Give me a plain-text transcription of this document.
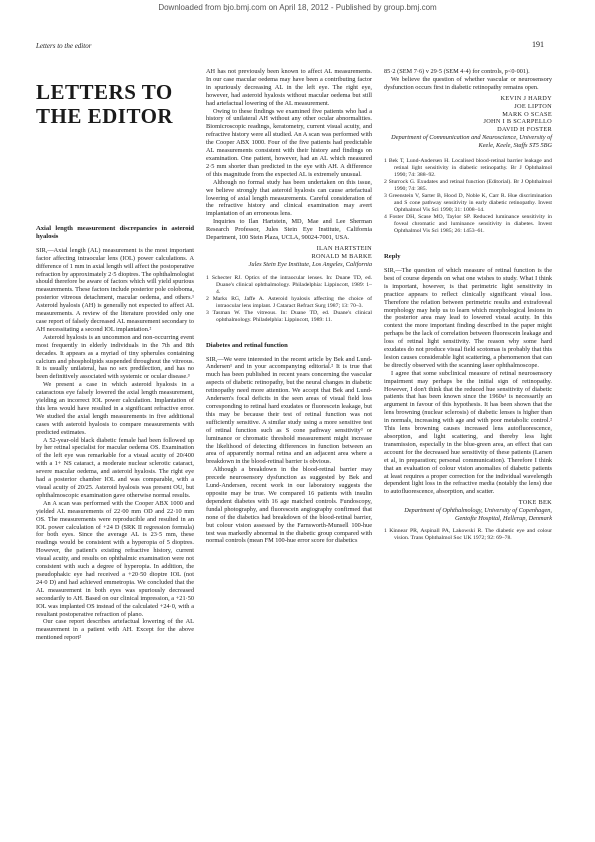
Downloaded from bjo.bmj.com on April 18, 2012 - Published by group.bmj.com
Letters to the editor	191
LETTERS TO THE EDITOR

Axial length measurement discrepancies in asteroid hyalosis

SIR,—Axial length (AL) measurement is the most important factor affecting intraocular lens (IOL) power calculations. A difference of 1 mm in axial length will affect the postoperative refraction by approximately 2·5 dioptres. The ophthalmologist should therefore be aware of factors which will yield spurious measurements. These factors include posterior pole coloboma, posterior vitreous detachment, macular oedema, and others.¹ Asteroid hyalosis (AH) is generally not expected to affect AL measurements. A review of the literature provided only one case report of falsely decreased AL measurement secondary to AH necessitating a second IOL implantation.²

Asteroid hyalosis is an uncommon and non-occurring event most frequently in elderly individuals in the 7th and 8th decades. It appears as a myriad of tiny spherules containing calcium and phospholipids suspended throughout the vitreous. It is usually unilateral, has no sex predilection, and has no been definitively associated with systemic or ocular disease.³

We present a case in which asteroid hyalosis in a cataractous eye falsely lowered the axial length measurement, yielding an incorrect IOL power calculation. Implantation of this lens would have resulted in a significant refractive error. We studied the axial length measurements in five additional cases with asteroid hyalosis to compare measurements with predicted estimates.

A 52-year-old black diabetic female had been followed up by her retinal specialist for macular oedema OS. Examination of the left eye was remarkable for a visual acuity of 20/400 with a 1+ NS cataract, a moderate nuclear sclerotic cataract, severe macular oedema, and asteroid hyalosis. The right eye had a posterior chamber IOL and was comparable, with a visual acuity of 20/25. Asteroid hyalosis was present OU, but ophthalmoscopic examination gave otherwise normal results.

An A scan was performed with the Cooper ABX 1000 and yielded AL measurements of 22·00 mm OD and 22·10 mm OS. The measurements were reproducible and resulted in an IOL power calculation of +24 D (SRK II regression formula) for both eyes. Since the average AL is 23·5 mm, these readings would be consistent with a hyperopia of 5 dioptres. However, the patient's existing refractive history, current visual acuity, and results on ophthalmic examination were not consistent with such a degree of hyperopia. In addition, the pseudophakic eye had received a +20·50 dioptre IOL (not 24·0 D) and had achieved emmetropia. We concluded that the AL measurement in both eyes was spuriously decreased secondarily to AH. Based on our clinical impression, a +21·50 IOL was implanted OS instead of the calculated +24·0, with a resultant postoperative refraction of plano.

Our case report describes artefactual lowering of the AL measurement in a patient with AH. Except for the above mentioned report²

AH has not previously been known to affect AL measurements. In our case macular oedema may have been a contributing factor in spuriously decreasing AL in the left eye. The right eye, however, had asteroid hyalosis without macular oedema but still had artefactual lowering of the AL measurement.

Owing to these findings we examined five patients who had a history of unilateral AH without any other ocular abnormalities. Biomicroscopic readings, keratometry, current visual acuity, and refractive history were all studied. An A scan was performed with the Cooper ABX 1000. Four of the five patients had predictable AL measurements consistent with their history and findings on examination. One patient, however, had an AL which measured 2·5 mm shorter than predicted in the eye with AH. A difference of this magnitude from the expected AL is extremely unusual.

Although no formal study has been undertaken on this issue, we believe strongly that asteroid hyalosis can cause artefactual lowering of axial length measurements. Careful consideration of the refractive history and clinical examination may avert implantation of an erroneous lens.

Inquiries to Ilan Hartstein, MD, Mae and Lee Sherman Research Professor, Jules Stein Eye Institute, California Department, 100 Stein Plaza, UCLA, 90024-7001, USA.

ILAN HARTSTEIN
RONALD M BARKE
Jules Stein Eye Institute, Los Angeles, California

1 Schecter RJ. Optics of the intraocular lenses. In: Duane TD, ed. Duane's clinical ophthalmology. Philadelphia: Lippincott, 1989: 1–4.

2 Marks RG, Jaffe A. Asteroid hyalosis affecting the choice of intraocular lens implant. J Cataract Refract Surg 1987; 13: 70–3.

3 Tasman W. The vitreous. In: Duane TD, ed. Duane's clinical ophthalmology. Philadelphia: Lippincott, 1989: 11.

Diabetes and retinal function

SIR,—We were interested in the recent article by Bek and Lund-Andersen¹ and in your accompanying editorial.² It is true that much has been published in recent years concerning the vascular aspects of diabetic retinopathy, but the neural changes in diabetic retinopathy need more attention. We accept that Bek and Lund-Andersen's focal deficits in the seen areas of visual field loss corresponding to retinal hard exudates or fluorescein leakage, but this may be because their test of retinal function was not sufficiently sensitive. A similar study using a more sensitive test of retinal function such as S cone pathway sensitivity³ or luminance or chromatic threshold measurement might increase the likelihood of detecting differences in function between an area of apparently normal retina and an adjacent area where a breakdown in the blood-retinal barrier is obvious.

Although a breakdown in the blood-retinal barrier may precede neurosensory dysfunction as suggested by Bek and Lund-Andersen, recent work in our laboratory suggests the opposite may be true. We compared 16 patients with insulin dependent diabetes with 16 age matched controls. Fundoscopy, fundal photography, and fluorescein angiography confirmed that none of the diabetics had breakdown of the blood-retinal barrier, but colour vision assessed by the Farnsworth-Munsell 100-hue test was markedly abnormal in the diabetic group compared with normal controls (mean FM 100-hue error score for diabetics

85·2 (SEM 7·6) v 29·5 (SEM 4·4) for controls, p<0·001).

We believe the question of whether vascular or neurosensory dysfunction occurs first in diabetic retinopathy remains open.

KEVIN J HARDY
JOE LIPTON
MARK O SCASE
JOHN I B SCARPELLO
DAVID H FOSTER
Department of Communication and Neuroscience, University of Keele, Keele, Staffs ST5 5BG

1 Bek T, Lund-Andersen H. Localised blood-retinal barrier leakage and retinal light sensitivity in diabetic retinopathy. Br J Ophthalmol 1990; 74: 388–92.

2 Sturrock G. Exudates and retinal function (Editorial). Br J Ophthalmol 1990; 74: 385.

3 Greenstein V, Sarter B, Hood D, Noble K, Carr R. Hue discrimination and S cone pathway sensitivity in early diabetic retinopathy. Invest Ophthalmol Vis Sci 1990; 31: 1008–14.

4 Foster DH, Scase MO, Taylor SP. Reduced luminance sensitivity in foveal chromatic and luminance sensitivity in diabetes. Invest Ophthalmol Vis Sci 1985; 26: 1453–61.

Reply

SIR,—The question of which measure of retinal function is the best of course depends on what one wishes to study. What I think is important, however, is that perimetric light sensitivity in practice appears to reflect clinically significant visual loss. Therefore the relation between perimetric results and extrafoveal morphology may help us to learn which morphological lesions in the posterior area may lead to lowered visual acuity. In this context the more important finding described in the paper might perhaps be the lack of correlation between fluorescein leakage and loss of retinal light sensitivity. The reason why some hard exudates do not produce visual field scotomas is probably that this lesion causes considerable light scattering, a phenomenon that can be directly observed with the scanning laser ophthalmoscope.

I agree that some subclinical measure of retinal neurosensory impairment may perhaps be the initial sign of retinopathy. However, I don't think that the reduced hue sensitivity of diabetic patients that has been known since the 1960s¹ is necessarily an argument in favour of this hypothesis. It has been shown that the lens browning (nuclear sclerosis) of diabetic lenses is higher than in normals, increasing with age and with poor metabolic control.² This lens browning causes increased lens autofluorescence, absorption, and light scattering, and thereby less light transmission, especially in the blue-green area, an effect that can account for the decreased hue sensitivity of these patients (Larsen et al, in preparation; personal communication). Therefore I think that an evaluation of colour vision anomalies of diabetic patients at least requires a proper correction for the individual wavelength dependent light loss in the refractive media (notably the lens) due to autofluorescence, absorption, and scatter.

TOKE BEK
Department of Ophthalmology, University of Copenhagen, Gentofte Hospital, Hellerup, Denmark

1 Kinnear PR, Aspinall PA, Lakowski R. The diabetic eye and colour vision. Trans Ophthalmol Soc UK 1972; 92: 69–78.
